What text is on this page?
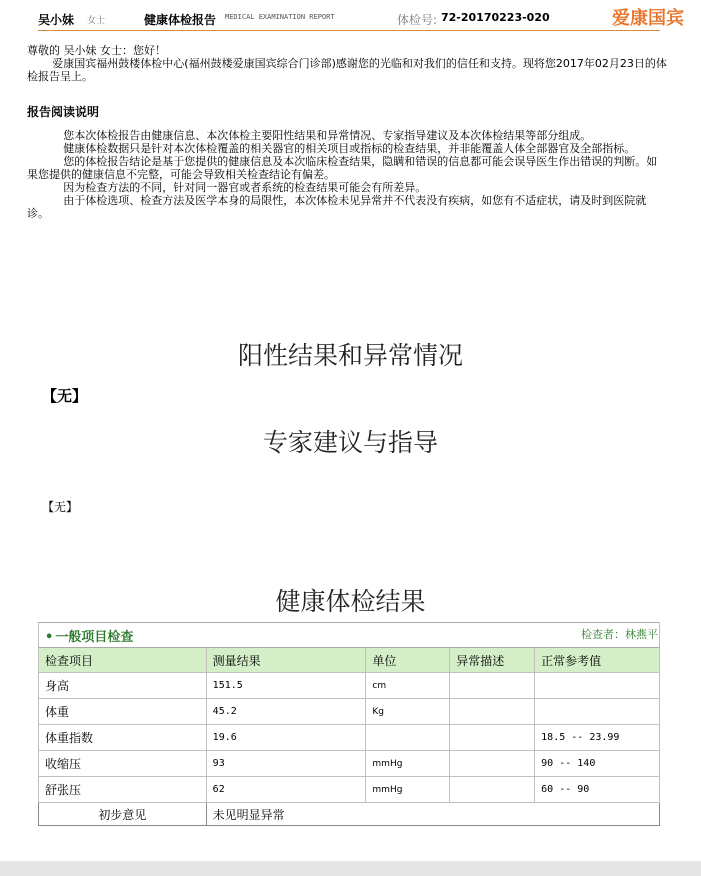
吴小妹 女士	健康体检报告 MEDICAL EXAMINATION REPORT	体检号: 72-20170223-020	爱康国宾

尊敬的 吴小妹 女士：您好！

爱康国宾福州鼓楼体检中心(福州鼓楼爱康国宾综合门诊部)感谢您的光临和对我们的信任和支持。现将您2017年02月23日的体检报告呈上。

报告阅读说明

您本次体检报告由健康信息、本次体检主要阳性结果和异常情况、专家指导建议及本次体检结果等部分组成。

健康体检数据只是针对本次体检覆盖的相关器官的相关项目或指标的检查结果，并非能覆盖人体全部器官及全部指标。

您的体检报告结论是基于您提供的健康信息及本次临床检查结果，隐瞒和错误的信息都可能会误导医生作出错误的判断。如果您提供的健康信息不完整，可能会导致相关检查结论有偏差。

因为检查方法的不同，针对同一器官或者系统的检查结果可能会有所差异。

由于体检选项、检查方法及医学本身的局限性，本次体检未见异常并不代表没有疾病，如您有不适症状，请及时到医院就诊。

阳性结果和异常情况
【无】
专家建议与指导
【无】
健康体检结果
• 一般项目检查 检查者：林燕平				

检查项目	测量结果	单位	异常描述	正常参考值
身高	151.5	cm		
体重	45.2	Kg		
体重指数	19.6			18.5 -- 23.99
收缩压	93	mmHg		90 -- 140
舒张压	62	mmHg		60 -- 90
初步意见	未见明显异常			
